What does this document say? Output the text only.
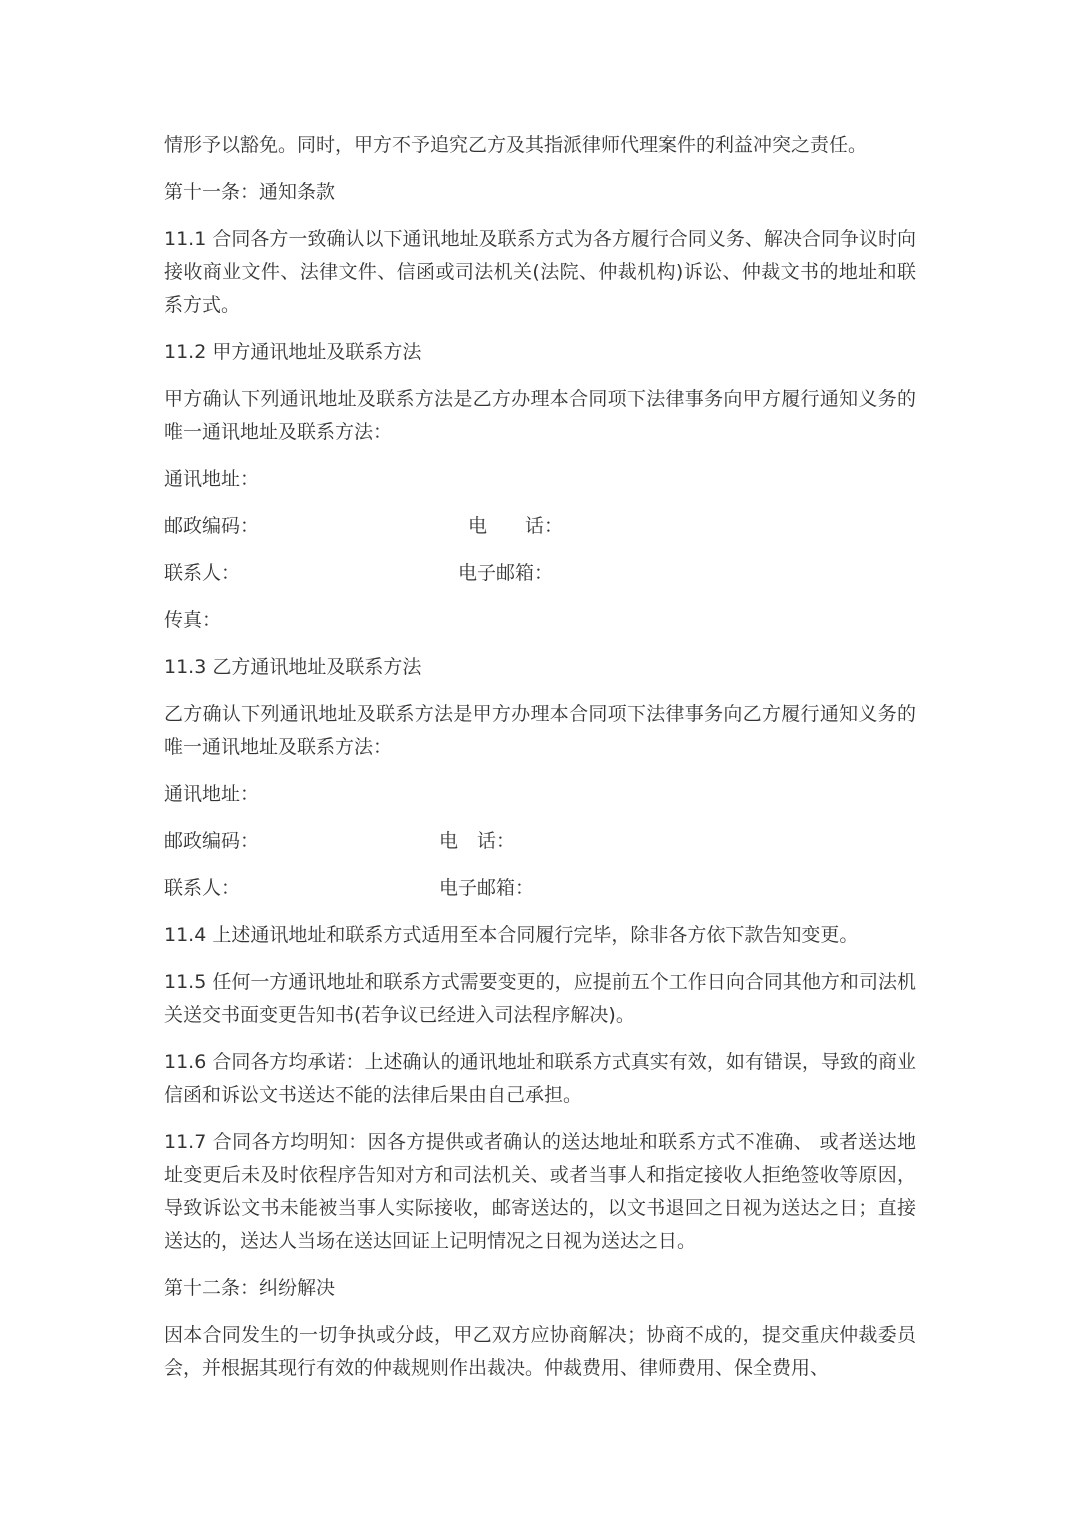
情形予以豁免。同时，甲方不予追究乙方及其指派律师代理案件的利益冲突之责任。

第十一条：通知条款

11.1 合同各方一致确认以下通讯地址及联系方式为各方履行合同义务、解决合同争议时向接收商业文件、法律文件、信函或司法机关(法院、仲裁机构)诉讼、仲裁文书的地址和联系方式。

11.2 甲方通讯地址及联系方法

甲方确认下列通讯地址及联系方法是乙方办理本合同项下法律事务向甲方履行通知义务的唯一通讯地址及联系方法：

通讯地址：
邮政编码：	电　　话：
联系人：	电子邮箱：
传真：

11.3 乙方通讯地址及联系方法

乙方确认下列通讯地址及联系方法是甲方办理本合同项下法律事务向乙方履行通知义务的唯一通讯地址及联系方法：

通讯地址：
邮政编码：	电　话：
联系人：	电子邮箱：

11.4 上述通讯地址和联系方式适用至本合同履行完毕，除非各方依下款告知变更。

11.5 任何一方通讯地址和联系方式需要变更的，应提前五个工作日向合同其他方和司法机关送交书面变更告知书(若争议已经进入司法程序解决)。

11.6 合同各方均承诺：上述确认的通讯地址和联系方式真实有效，如有错误，导致的商业信函和诉讼文书送达不能的法律后果由自己承担。

11.7 合同各方均明知：因各方提供或者确认的送达地址和联系方式不准确、 或者送达地址变更后未及时依程序告知对方和司法机关、或者当事人和指定接收人拒绝签收等原因，导致诉讼文书未能被当事人实际接收，邮寄送达的，以文书退回之日视为送达之日；直接送达的，送达人当场在送达回证上记明情况之日视为送达之日。

第十二条：纠纷解决

因本合同发生的一切争执或分歧，甲乙双方应协商解决；协商不成的，提交重庆仲裁委员会，并根据其现行有效的仲裁规则作出裁决。仲裁费用、律师费用、保全费用、
